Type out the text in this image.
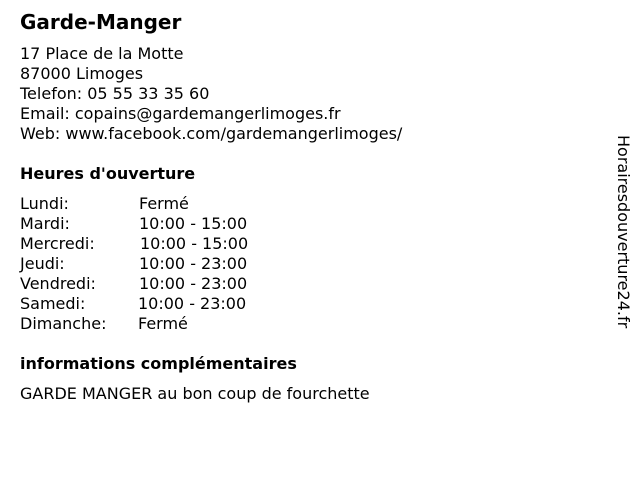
Garde-Manger
17 Place de la Motte
87000 Limoges
Telefon: 05 55 33 35 60
Email: copains@gardemangerlimoges.fr
Web: www.facebook.com/gardemangerlimoges/
Heures d'ouverture
Lundi:	Fermé
Mardi:	10:00 - 15:00
Mercredi:	10:00 - 15:00
Jeudi:	10:00 - 23:00
Vendredi:	10:00 - 23:00
Samedi:	10:00 - 23:00
Dimanche: Fermé
informations complémentaires
GARDE MANGER au bon coup de fourchette
Horairesdouverture24.fr
